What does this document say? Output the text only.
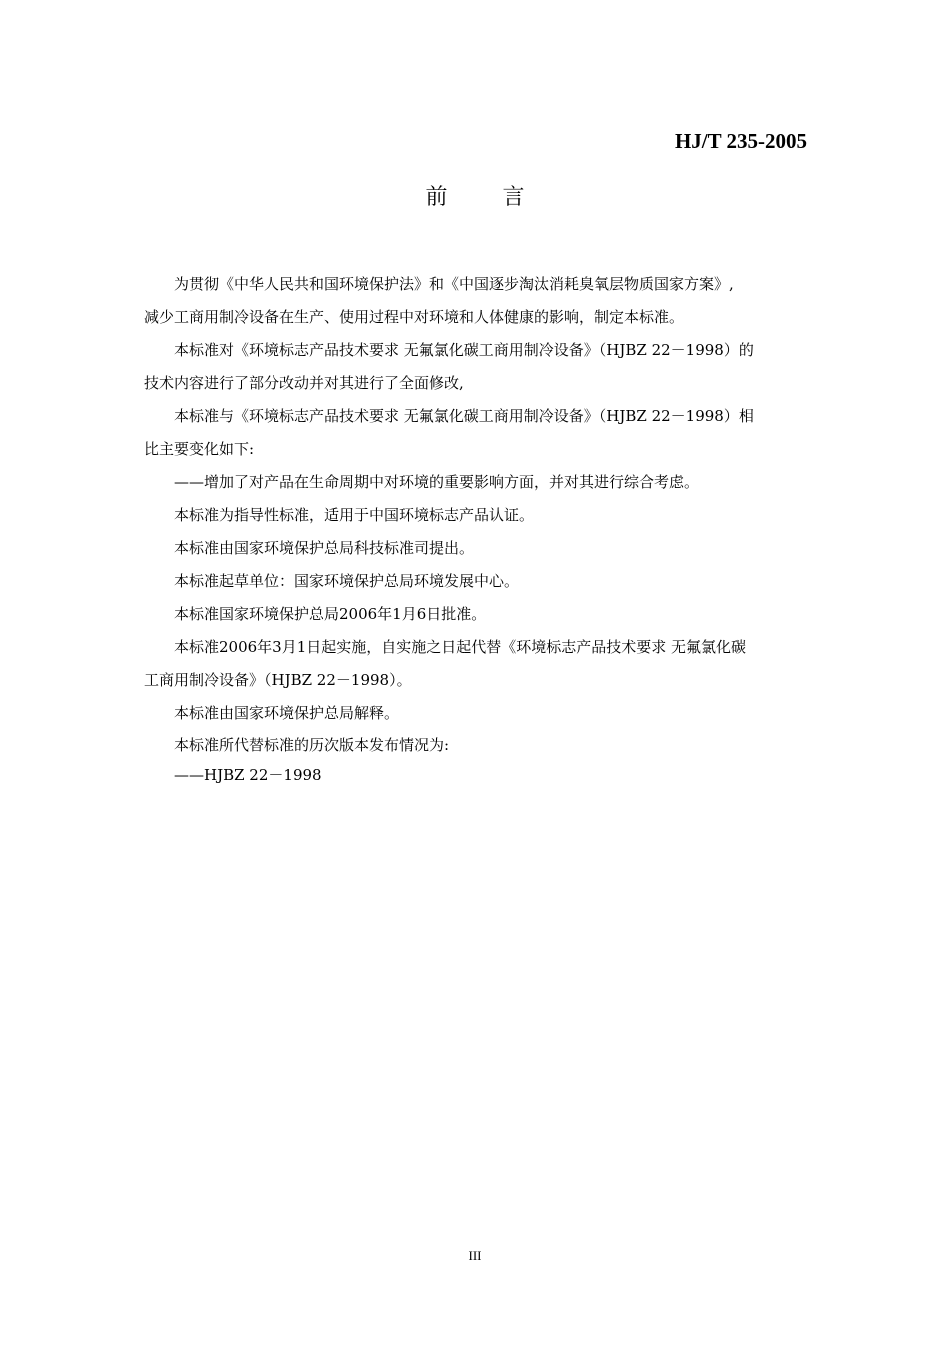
HJ/T 235-2005
前 言

为贯彻《中华人民共和国环境保护法》和《中国逐步淘汰消耗臭氧层物质国家方案》,
减少工商用制冷设备在生产、使用过程中对环境和人体健康的影响，制定本标准。

本标准对《环境标志产品技术要求 无氟氯化碳工商用制冷设备》（HJBZ 22－1998）的
技术内容进行了部分改动并对其进行了全面修改,

本标准与《环境标志产品技术要求 无氟氯化碳工商用制冷设备》（HJBZ 22－1998）相
比主要变化如下:

——增加了对产品在生命周期中对环境的重要影响方面，并对其进行综合考虑。

本标准为指导性标准，适用于中国环境标志产品认证。

本标准由国家环境保护总局科技标准司提出。

本标准起草单位：国家环境保护总局环境发展中心。

本标准国家环境保护总局2006年1月6日批准。

本标准2006年3月1日起实施，自实施之日起代替《环境标志产品技术要求 无氟氯化碳
工商用制冷设备》（HJBZ 22－1998）。

本标准由国家环境保护总局解释。

本标准所代替标准的历次版本发布情况为:

——HJBZ 22－1998

III
